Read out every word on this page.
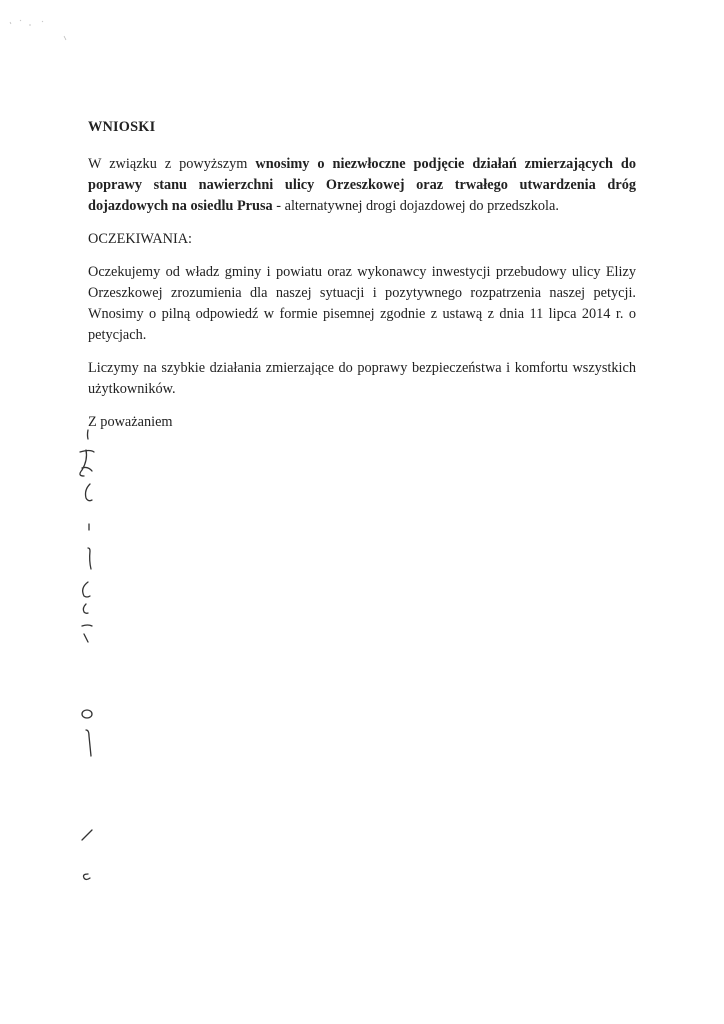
WNIOSKI

W związku z powyższym wnosimy o niezwłoczne podjęcie działań zmierzających do poprawy stanu nawierzchni ulicy Orzeszkowej oraz trwałego utwardzenia dróg dojazdowych na osiedlu Prusa - alternatywnej drogi dojazdowej do przedszkola.

OCZEKIWANIA:

Oczekujemy od władz gminy i powiatu oraz wykonawcy inwestycji przebudowy ulicy Elizy Orzeszkowej zrozumienia dla naszej sytuacji i pozytywnego rozpatrzenia naszej petycji. Wnosimy o pilną odpowiedź w formie pisemnej zgodnie z ustawą z dnia 11 lipca 2014 r. o petycjach.

Liczymy na szybkie działania zmierzające do poprawy bezpieczeństwa i komfortu wszystkich użytkowników.

Z poważaniem
